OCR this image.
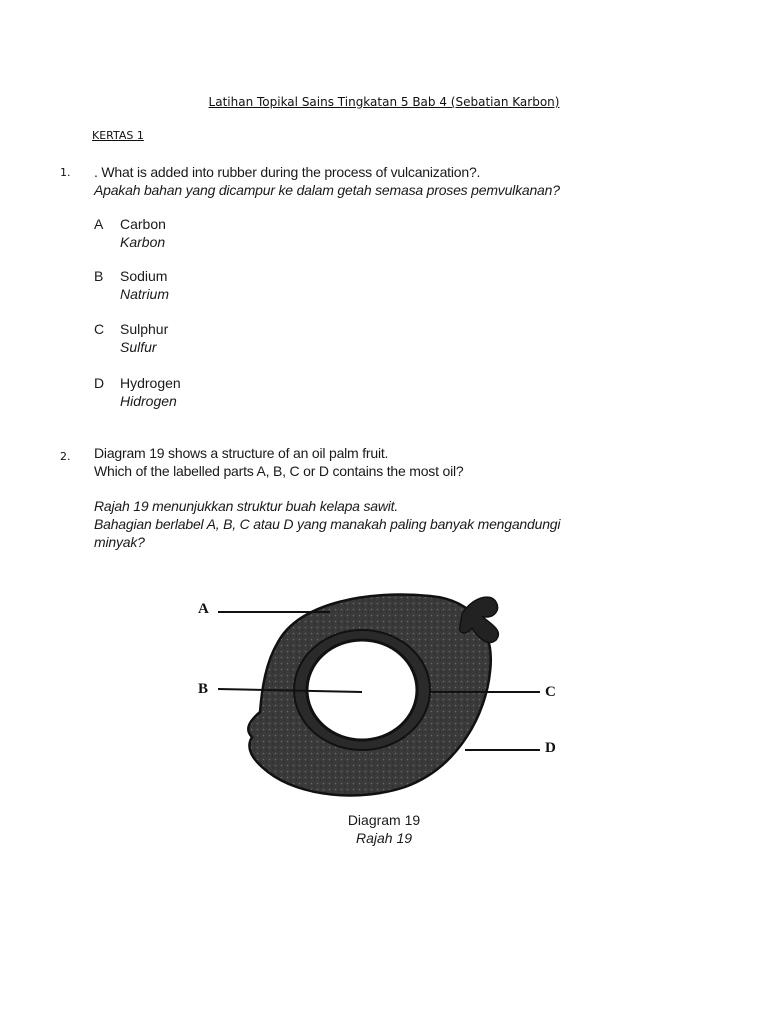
Latihan Topikal Sains Tingkatan 5 Bab 4 (Sebatian Karbon)
KERTAS 1
1. . What is added into rubber during the process of vulcanization?.
Apakah bahan yang dicampur ke dalam getah semasa proses pemvulkanan?
A	Carbon
Karbon
B	Sodium
Natrium
C	Sulphur
Sulfur
D	Hydrogen
Hidrogen
2. Diagram 19 shows a structure of an oil palm fruit.
Which of the labelled parts A, B, C or D contains the most oil?
Rajah 19 menunjukkan struktur buah kelapa sawit.
Bahagian berlabel A, B, C atau D yang manakah paling banyak mengandungi
minyak?
A
B	C
D
Diagram 19
Rajah 19
